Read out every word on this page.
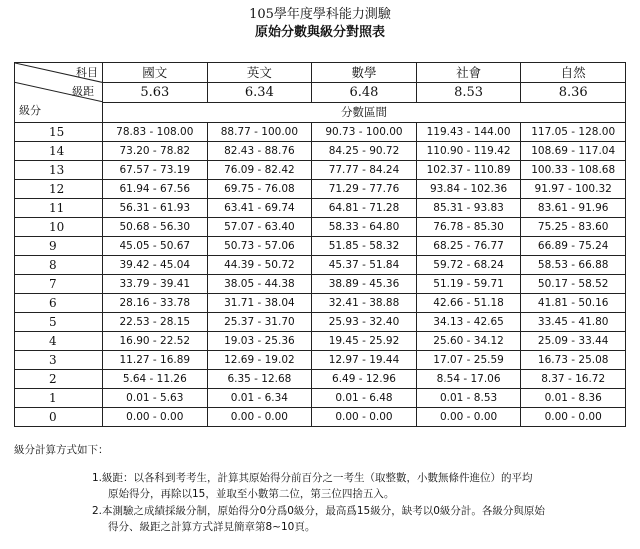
105學年度學科能力測驗
原始分數與級分對照表
科目
級距
級分	國文	英文	數學	社會	自然
	5.63	6.34	6.48	8.53	8.36
	分數區間				
15	78.83 - 108.00	88.77 - 100.00	90.73 - 100.00	119.43 - 144.00	117.05 - 128.00
14	73.20 - 78.82	82.43 - 88.76	84.25 - 90.72	110.90 - 119.42	108.69 - 117.04
13	67.57 - 73.19	76.09 - 82.42	77.77 - 84.24	102.37 - 110.89	100.33 - 108.68
12	61.94 - 67.56	69.75 - 76.08	71.29 - 77.76	93.84 - 102.36	91.97 - 100.32
11	56.31 - 61.93	63.41 - 69.74	64.81 - 71.28	85.31 - 93.83	83.61 - 91.96
10	50.68 - 56.30	57.07 - 63.40	58.33 - 64.80	76.78 - 85.30	75.25 - 83.60
9	45.05 - 50.67	50.73 - 57.06	51.85 - 58.32	68.25 - 76.77	66.89 - 75.24
8	39.42 - 45.04	44.39 - 50.72	45.37 - 51.84	59.72 - 68.24	58.53 - 66.88
7	33.79 - 39.41	38.05 - 44.38	38.89 - 45.36	51.19 - 59.71	50.17 - 58.52
6	28.16 - 33.78	31.71 - 38.04	32.41 - 38.88	42.66 - 51.18	41.81 - 50.16
5	22.53 - 28.15	25.37 - 31.70	25.93 - 32.40	34.13 - 42.65	33.45 - 41.80
4	16.90 - 22.52	19.03 - 25.36	19.45 - 25.92	25.60 - 34.12	25.09 - 33.44
3	11.27 - 16.89	12.69 - 19.02	12.97 - 19.44	17.07 - 25.59	16.73 - 25.08
2	5.64 - 11.26	6.35 - 12.68	6.49 - 12.96	8.54 - 17.06	8.37 - 16.72
1	0.01 - 5.63	0.01 - 6.34	0.01 - 6.48	0.01 - 8.53	0.01 - 8.36
0	0.00 - 0.00	0.00 - 0.00	0.00 - 0.00	0.00 - 0.00	0.00 - 0.00
級分計算方式如下：
1.級距：以各科到考考生，計算其原始得分前百分之一考生（取整數，小數無條件進位）的平均
原始得分，再除以15，並取至小數第二位，第三位四捨五入。
2.本測驗之成績採級分制，原始得分0分爲0級分，最高爲15級分，缺考以0級分計。各級分與原始
得分、級距之計算方式詳見簡章第8~10頁。
